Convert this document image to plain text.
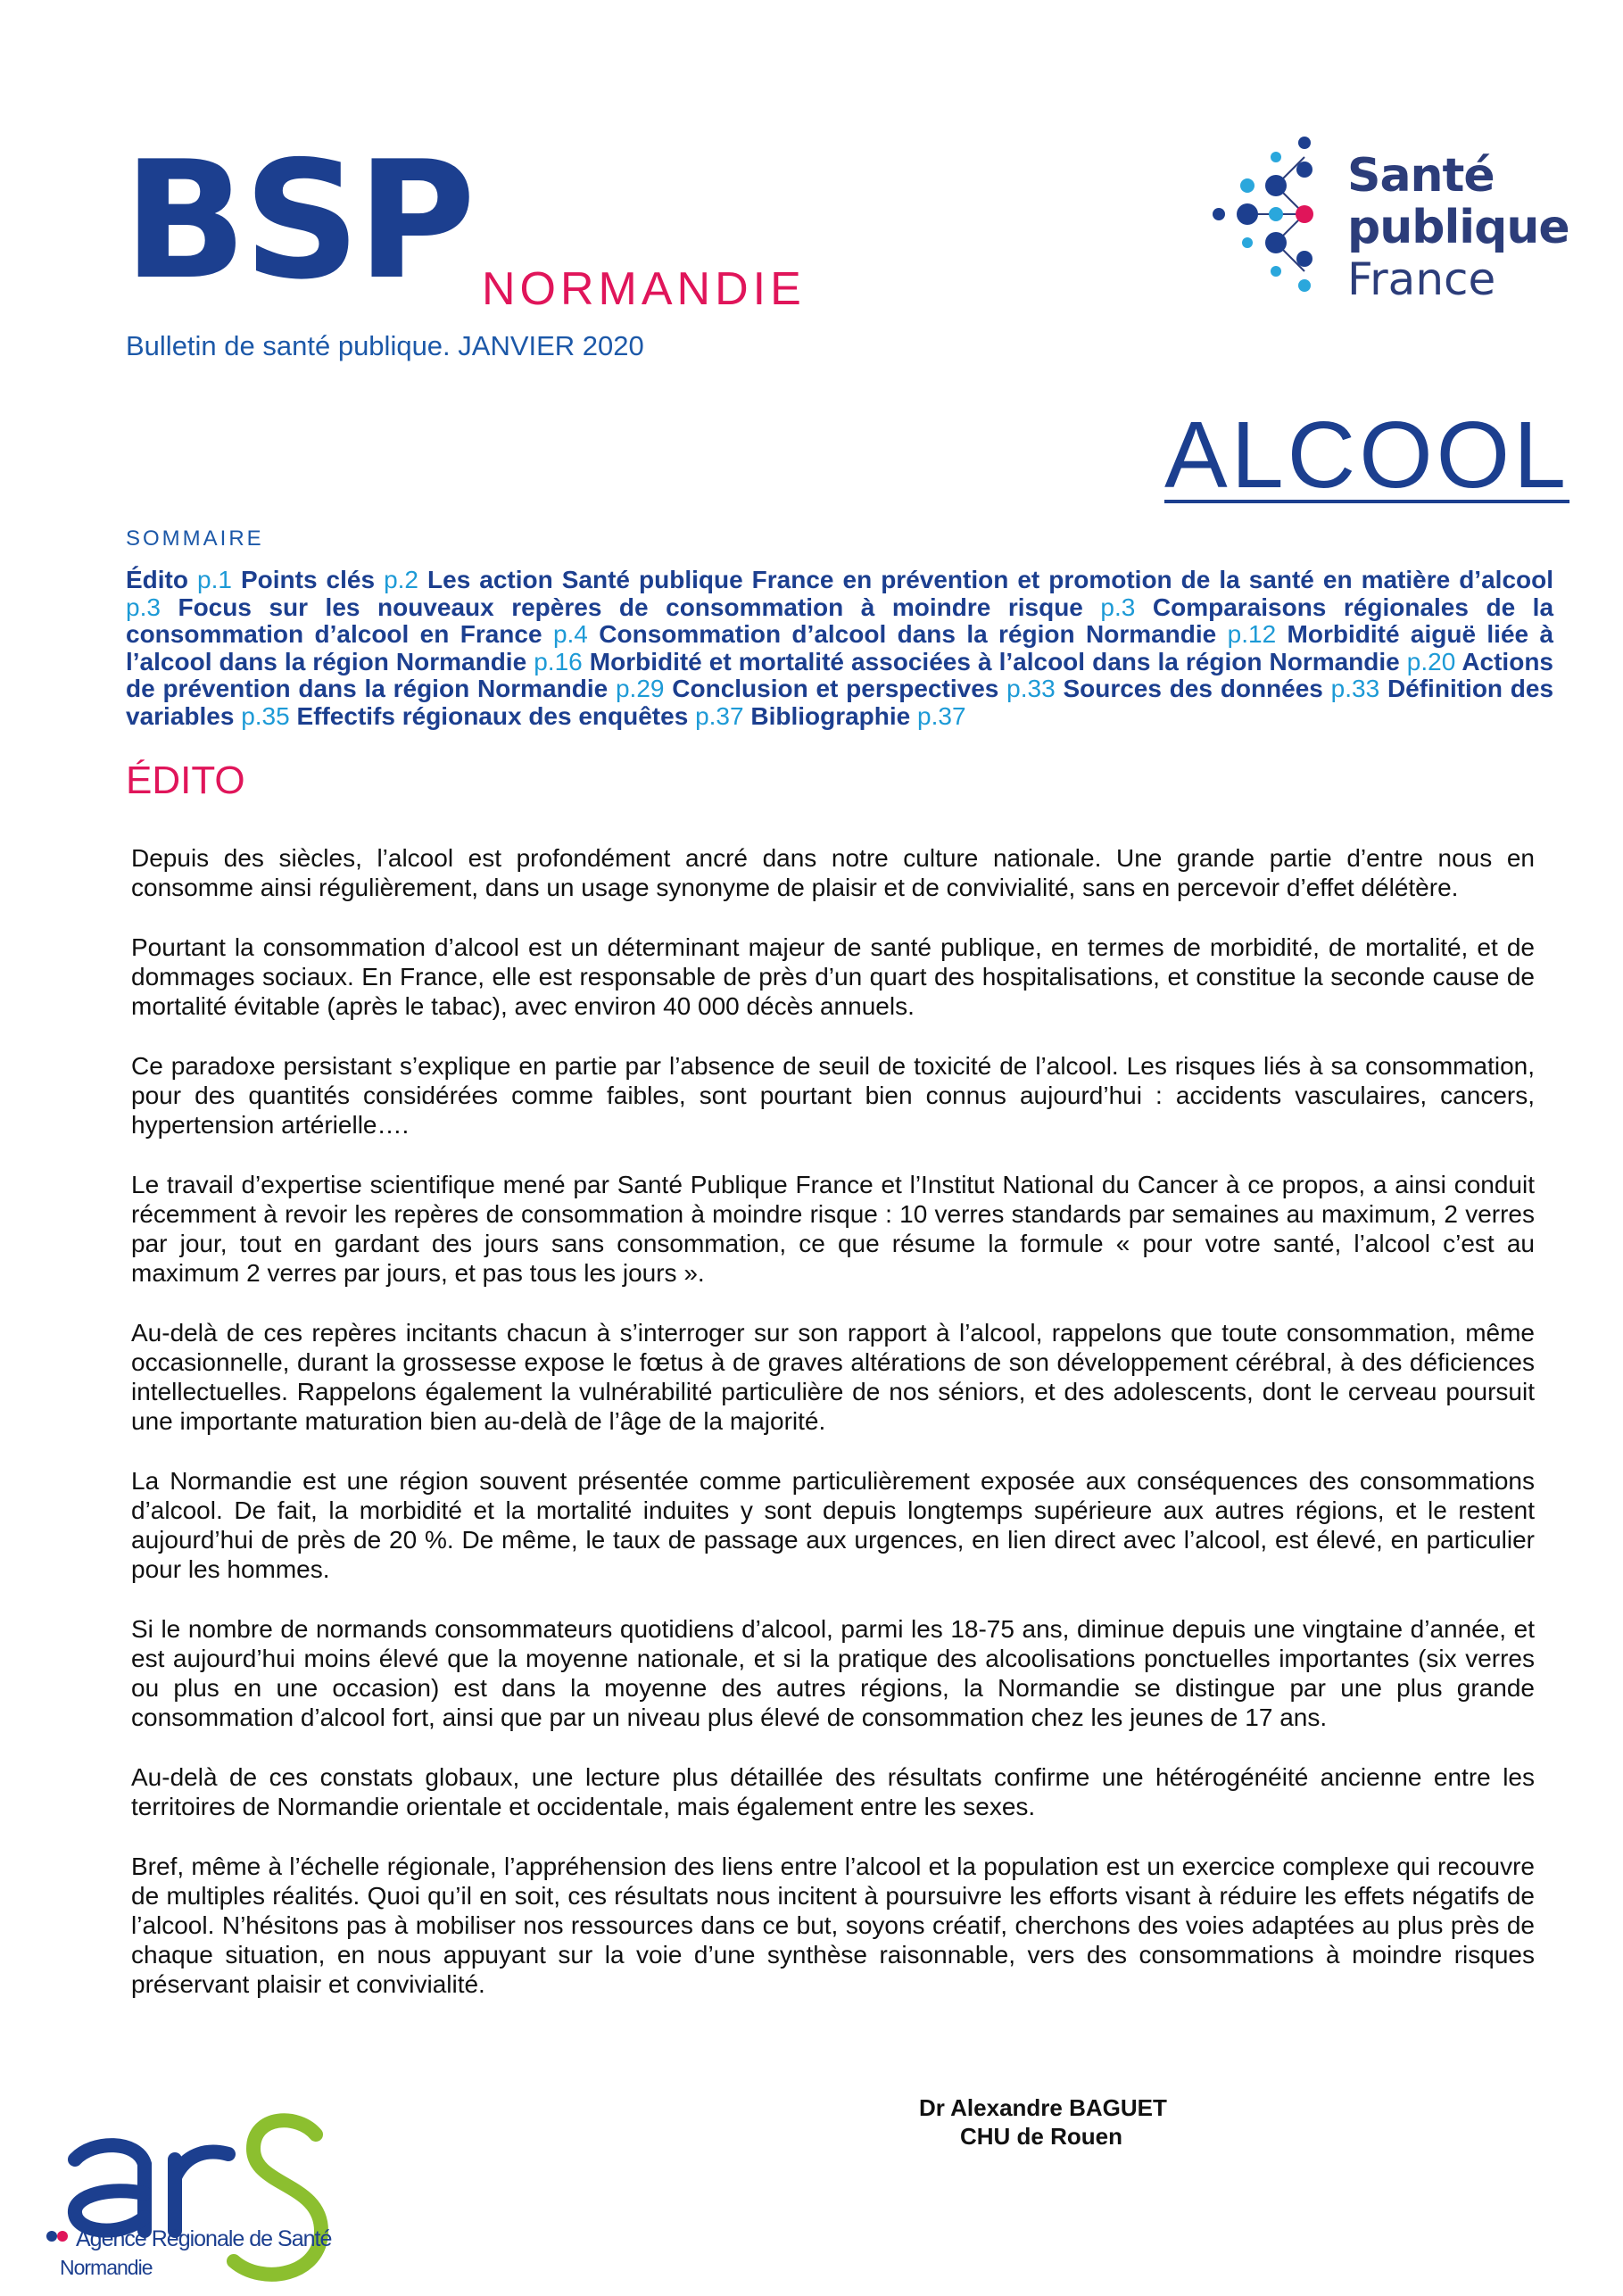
BSP NORMANDIE
Bulletin de santé publique. JANVIER 2020
Santé
publique
France
ALCOOL
SOMMAIRE
Édito p.1 Points clés p.2 Les action Santé publique France en prévention et promotion de la santé en matière d’alcool p.3 Focus sur les nouveaux repères de consommation à moindre risque p.3 Comparaisons régionales de la consommation d’alcool en France p.4 Consommation d’alcool dans la région Normandie p.12 Morbidité aiguë liée à l’alcool dans la région Normandie p.16 Morbidité et mortalité associées à l’alcool dans la région Normandie p.20 Actions de prévention dans la région Normandie p.29 Conclusion et perspectives p.33 Sources des données p.33 Définition des variables p.35 Effectifs régionaux des enquêtes p.37 Bibliographie p.37
ÉDITO

Depuis des siècles, l’alcool est profondément ancré dans notre culture nationale. Une grande partie d’entre nous en consomme ainsi régulièrement, dans un usage synonyme de plaisir et de convivialité, sans en percevoir d’effet délétère.

Pourtant la consommation d’alcool est un déterminant majeur de santé publique, en termes de morbidité, de mortalité, et de dommages sociaux. En France, elle est responsable de près d’un quart des hospitalisations, et constitue la seconde cause de mortalité évitable (après le tabac), avec environ 40 000 décès annuels.

Ce paradoxe persistant s’explique en partie par l’absence de seuil de toxicité de l’alcool. Les risques liés à sa consommation, pour des quantités considérées comme faibles, sont pourtant bien connus aujourd’hui : accidents vasculaires, cancers, hypertension artérielle….

Le travail d’expertise scientifique mené par Santé Publique France et l’Institut National du Cancer à ce propos, a ainsi conduit récemment à revoir les repères de consommation à moindre risque : 10 verres standards par semaines au maximum, 2 verres par jour, tout en gardant des jours sans consommation, ce que résume la formule « pour votre santé, l’alcool c’est au maximum 2 verres par jours, et pas tous les jours ».

Au-delà de ces repères incitants chacun à s’interroger sur son rapport à l’alcool, rappelons que toute consommation, même occasionnelle, durant la grossesse expose le fœtus à de graves altérations de son développement cérébral, à des déficiences intellectuelles. Rappelons également la vulnérabilité particulière de nos séniors, et des adolescents, dont le cerveau poursuit une importante maturation bien au-delà de l’âge de la majorité.

La Normandie est une région souvent présentée comme particulièrement exposée aux conséquences des consommations d’alcool. De fait, la morbidité et la mortalité induites y sont depuis longtemps supérieure aux autres régions, et le restent aujourd’hui de près de 20 %. De même, le taux de passage aux urgences, en lien direct avec l’alcool, est élevé, en particulier pour les hommes.

Si le nombre de normands consommateurs quotidiens d’alcool, parmi les 18-75 ans, diminue depuis une vingtaine d’année, et est aujourd’hui moins élevé que la moyenne nationale, et si la pratique des alcoolisations ponctuelles importantes (six verres ou plus en une occasion) est dans la moyenne des autres régions, la Normandie se distingue par une plus grande consommation d’alcool fort, ainsi que par un niveau plus élevé de consommation chez les jeunes de 17 ans.

Au-delà de ces constats globaux, une lecture plus détaillée des résultats confirme une hétérogénéité ancienne entre les territoires de Normandie orientale et occidentale, mais également entre les sexes.

Bref, même à l’échelle régionale, l’appréhension des liens entre l’alcool et la population est un exercice complexe qui recouvre de multiples réalités. Quoi qu’il en soit, ces résultats nous incitent à poursuivre les efforts visant à réduire les effets négatifs de l’alcool. N’hésitons pas à mobiliser nos ressources dans ce but, soyons créatif, cherchons des voies adaptées au plus près de chaque situation, en nous appuyant sur la voie d’une synthèse raisonnable, vers des consommations à moindre risques préservant plaisir et convivialité.

Dr Alexandre BAGUET
CHU de Rouen
Agence Régionale de Santé
Normandie
